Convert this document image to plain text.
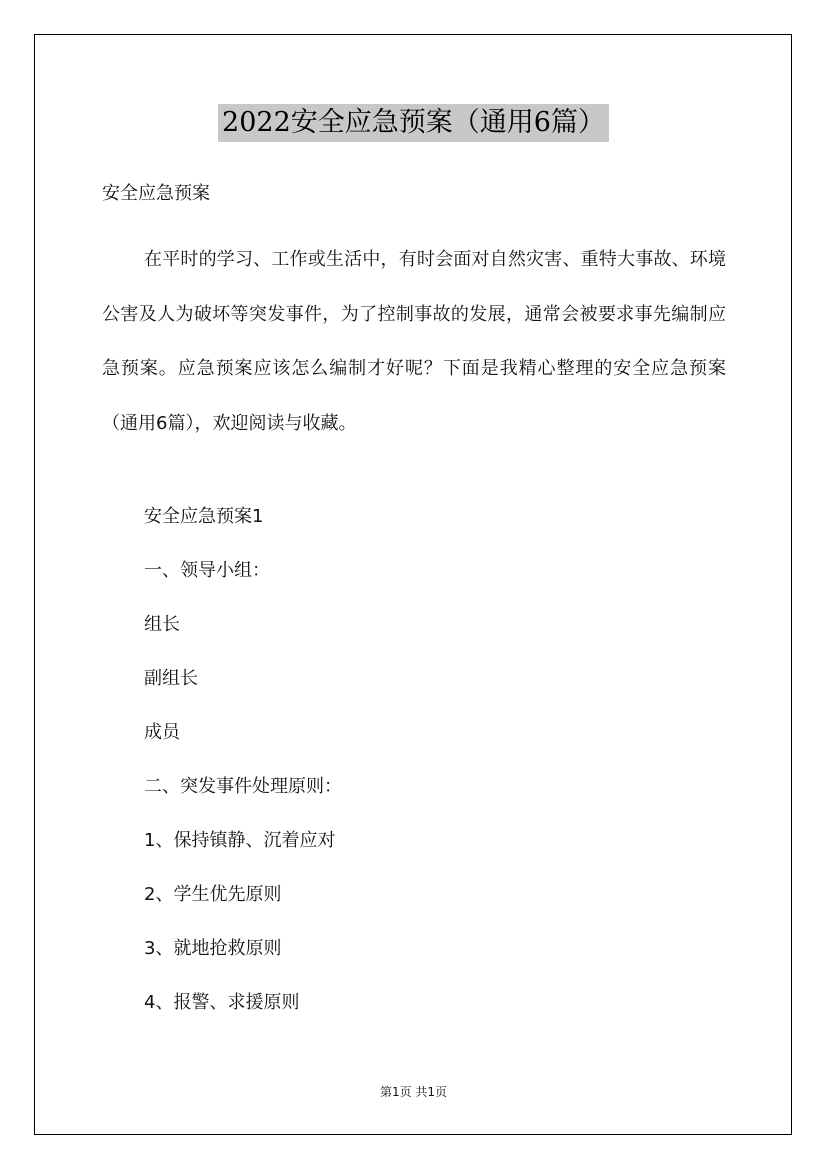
2022安全应急预案（通用6篇）

安全应急预案

在平时的学习、工作或生活中，有时会面对自然灾害、重特大事故、环境公害及人为破坏等突发事件，为了控制事故的发展，通常会被要求事先编制应急预案。应急预案应该怎么编制才好呢？下面是我精心整理的安全应急预案（通用6篇），欢迎阅读与收藏。

安全应急预案1
一、领导小组：
组长
副组长
成员
二、突发事件处理原则：
1、保持镇静、沉着应对
2、学生优先原则
3、就地抢救原则
4、报警、求援原则
第1页 共1页
